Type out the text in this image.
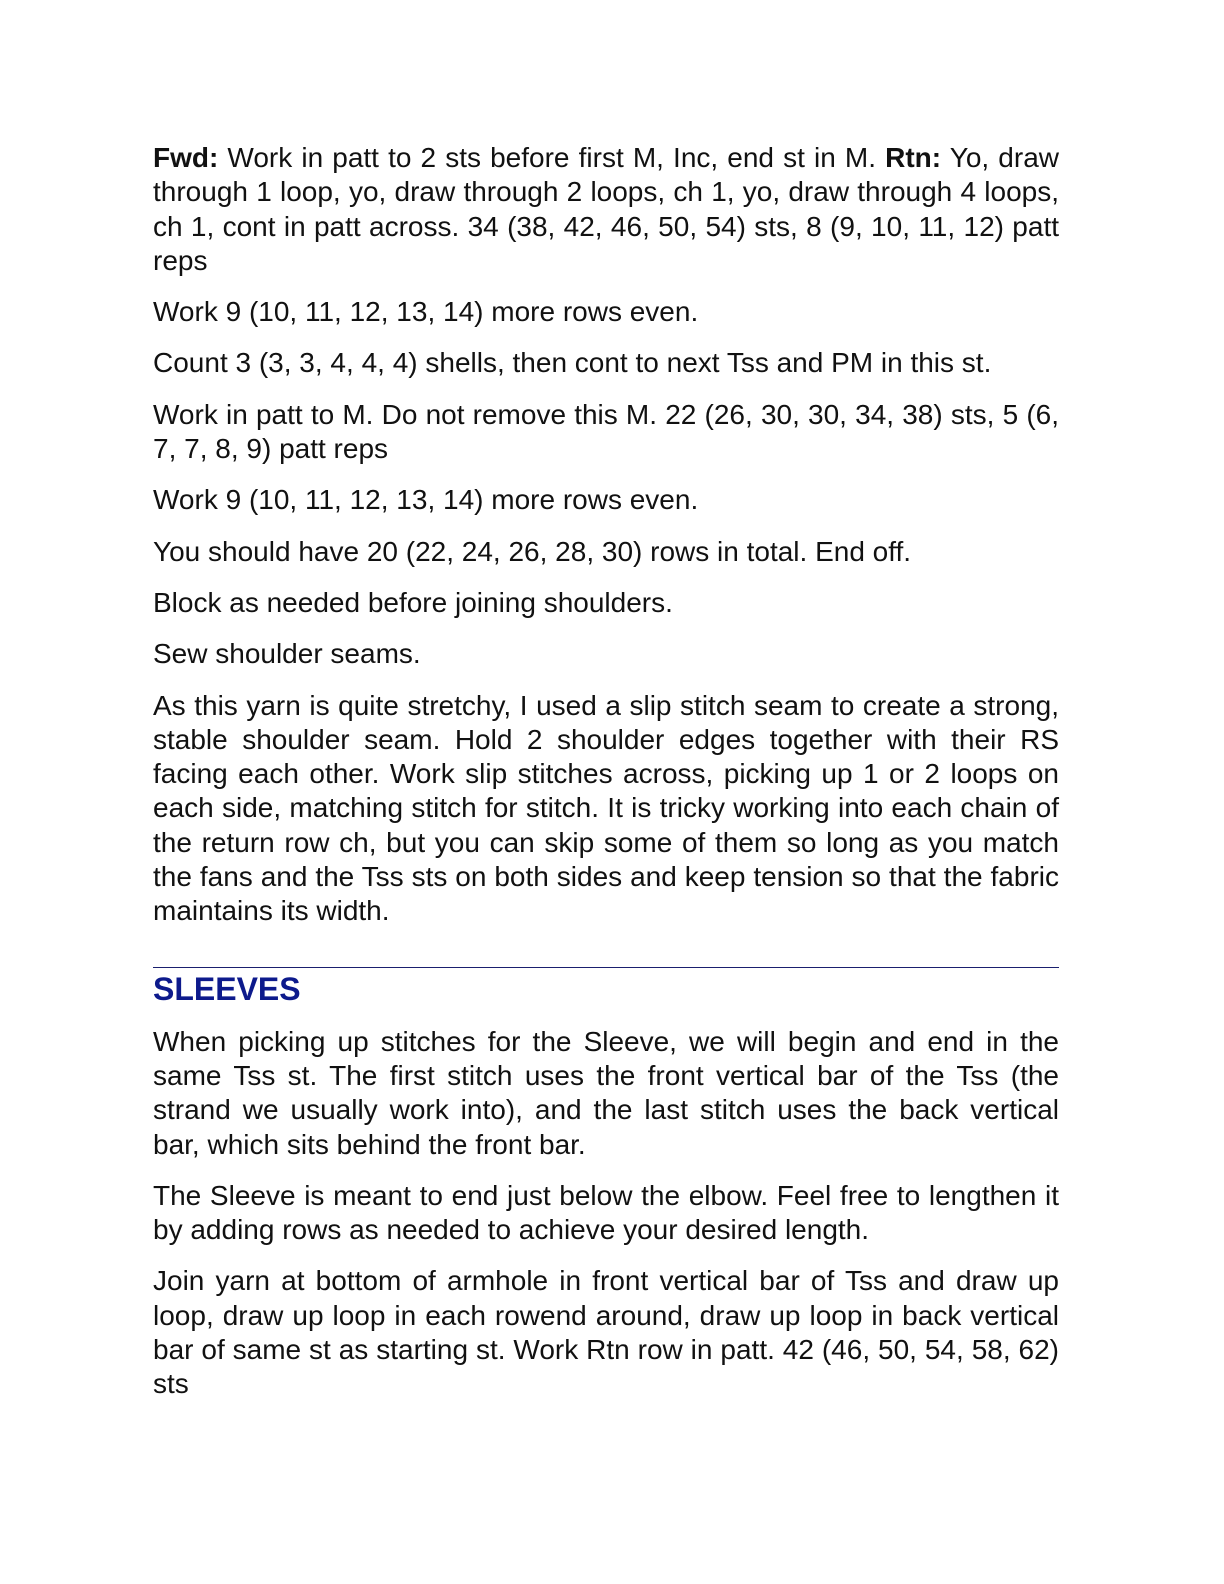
Fwd: Work in patt to 2 sts before first M, Inc, end st in M. Rtn: Yo, draw through 1 loop, yo, draw through 2 loops, ch 1, yo, draw through 4 loops, ch 1, cont in patt across. 34 (38, 42, 46, 50, 54) sts, 8 (9, 10, 11, 12) patt reps

Work 9 (10, 11, 12, 13, 14) more rows even.

Count 3 (3, 3, 4, 4, 4) shells, then cont to next Tss and PM in this st.

Work in patt to M. Do not remove this M. 22 (26, 30, 30, 34, 38) sts, 5 (6, 7, 7, 8, 9) patt reps

Work 9 (10, 11, 12, 13, 14) more rows even.

You should have 20 (22, 24, 26, 28, 30) rows in total. End off.

Block as needed before joining shoulders.

Sew shoulder seams.

As this yarn is quite stretchy, I used a slip stitch seam to create a strong, stable shoulder seam. Hold 2 shoulder edges together with their RS facing each other. Work slip stitches across, picking up 1 or 2 loops on each side, matching stitch for stitch. It is tricky working into each chain of the return row ch, but you can skip some of them so long as you match the fans and the Tss sts on both sides and keep tension so that the fabric maintains its width.

SLEEVES

When picking up stitches for the Sleeve, we will begin and end in the same Tss st. The first stitch uses the front vertical bar of the Tss (the strand we usually work into), and the last stitch uses the back vertical bar, which sits behind the front bar.

The Sleeve is meant to end just below the elbow. Feel free to lengthen it by adding rows as needed to achieve your desired length.

Join yarn at bottom of armhole in front vertical bar of Tss and draw up loop, draw up loop in each rowend around, draw up loop in back vertical bar of same st as starting st. Work Rtn row in patt. 42 (46, 50, 54, 58, 62) sts
